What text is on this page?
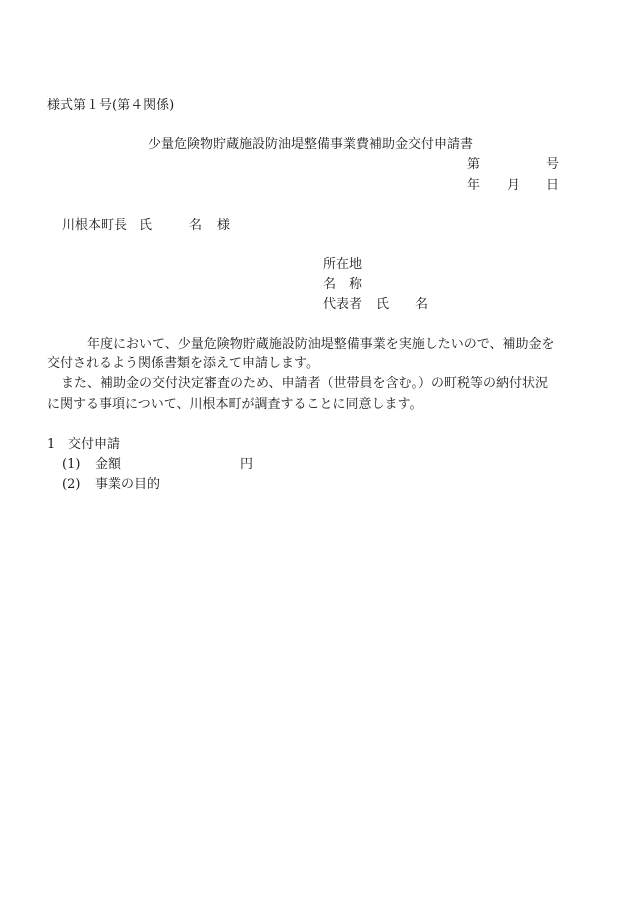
様式第１号(第４関係)
少量危険物貯蔵施設防油堤整備事業費補助金交付申請書
第	号
年 月 日
川根本町長 氏	名 様
所在地
名 称
代表者 氏 名
年度において、少量危険物貯蔵施設防油堤整備事業を実施したいので、補助金を
交付されるよう関係書類を添えて申請します。
また、補助金の交付決定審査のため、申請者（世帯員を含む。）の町税等の納付状況
に関する事項について、川根本町が調査することに同意します。
1 交付申請
(1) 金額	円
(2) 事業の目的
